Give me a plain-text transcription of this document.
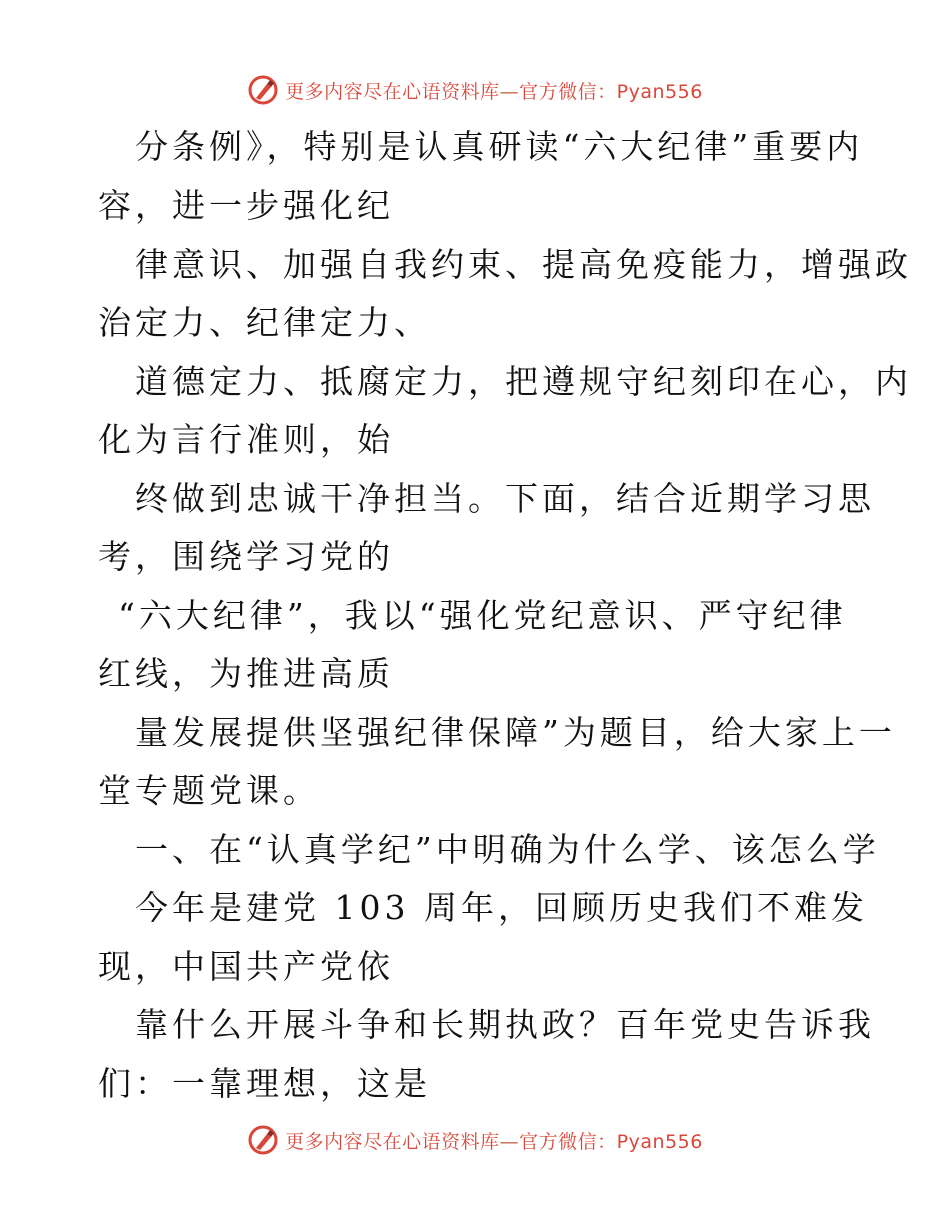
更多内容尽在心语资料库—官方微信：Pyan556
分条例》，特别是认真研读“六大纪律”重要内
容，进一步强化纪
律意识、加强自我约束、提高免疫能力，增强政
治定力、纪律定力、
道德定力、抵腐定力，把遵规守纪刻印在心，内
化为言行准则，始
终做到忠诚干净担当。下面，结合近期学习思
考，围绕学习党的
“六大纪律”，我以“强化党纪意识、严守纪律
红线，为推进高质
量发展提供坚强纪律保障”为题目，给大家上一
堂专题党课。
一、在“认真学纪”中明确为什么学、该怎么学
今年是建党 103 周年，回顾历史我们不难发
现，中国共产党依
靠什么开展斗争和长期执政？百年党史告诉我
们：一靠理想，这是
更多内容尽在心语资料库—官方微信：Pyan556
